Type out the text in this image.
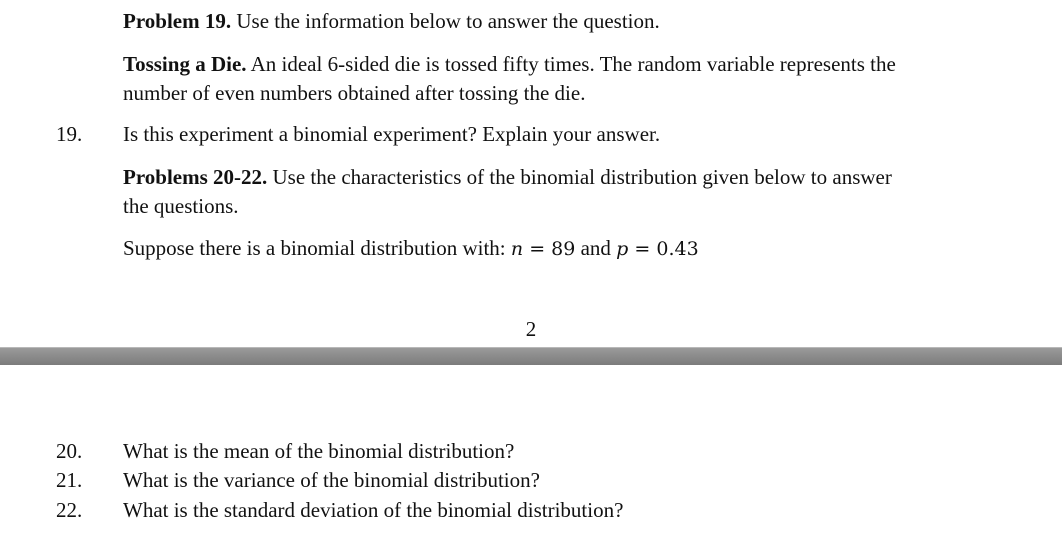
Problem 19. Use the information below to answer the question.

Tossing a Die. An ideal 6-sided die is tossed fifty times. The random variable represents the
number of even numbers obtained after tossing the die.

19. Is this experiment a binomial experiment? Explain your answer.

Problems 20-22. Use the characteristics of the binomial distribution given below to answer
the questions.

Suppose there is a binomial distribution with: n = 89 and p = 0.43

2
20. What is the mean of the binomial distribution?
21. What is the variance of the binomial distribution?
22. What is the standard deviation of the binomial distribution?
